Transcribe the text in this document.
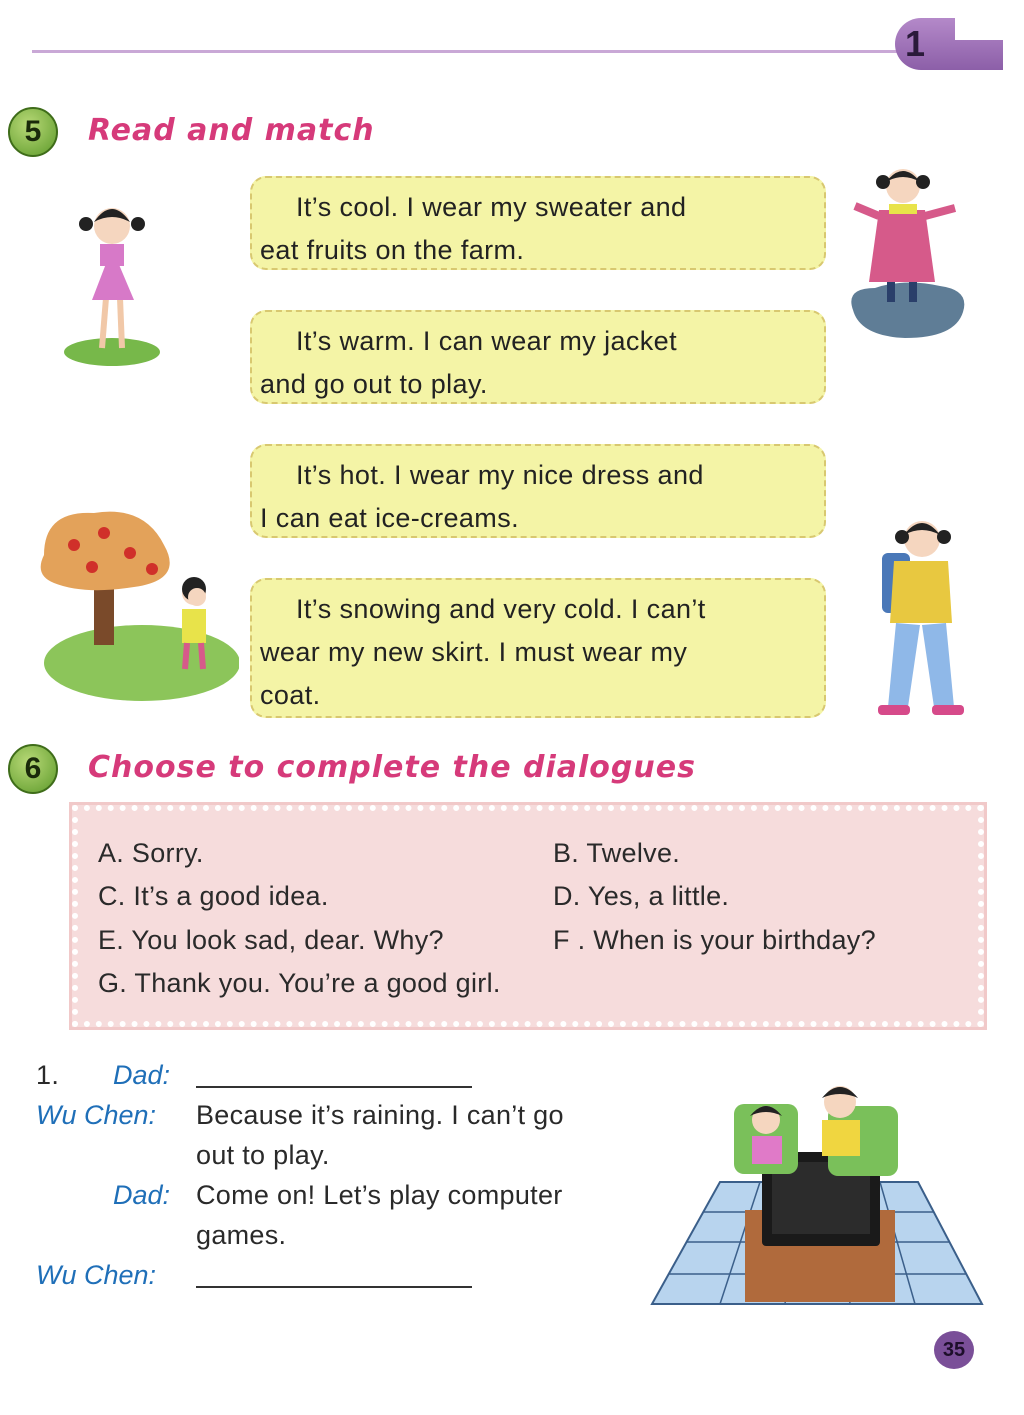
1
5 Read and match
It’s cool. I wear my sweater and
eat fruits on the farm.
It’s warm. I can wear my jacket
and go out to play.
It’s hot. I wear my nice dress and
I can eat ice-creams.
It’s snowing and very cold. I can’t
wear my new skirt. I must wear my
coat.
6 Choose to complete the dialogues
A. Sorry.	B. Twelve.
C. It’s a good idea.	D. Yes, a little.
E. You look sad, dear. Why?	F . When is your birthday?
G. Thank you. You’re a good girl.
1. Dad:
Wu Chen: Because it’s raining. I can’t go
out to play.
Dad: Come on! Let’s play computer
games.
Wu Chen:
35
